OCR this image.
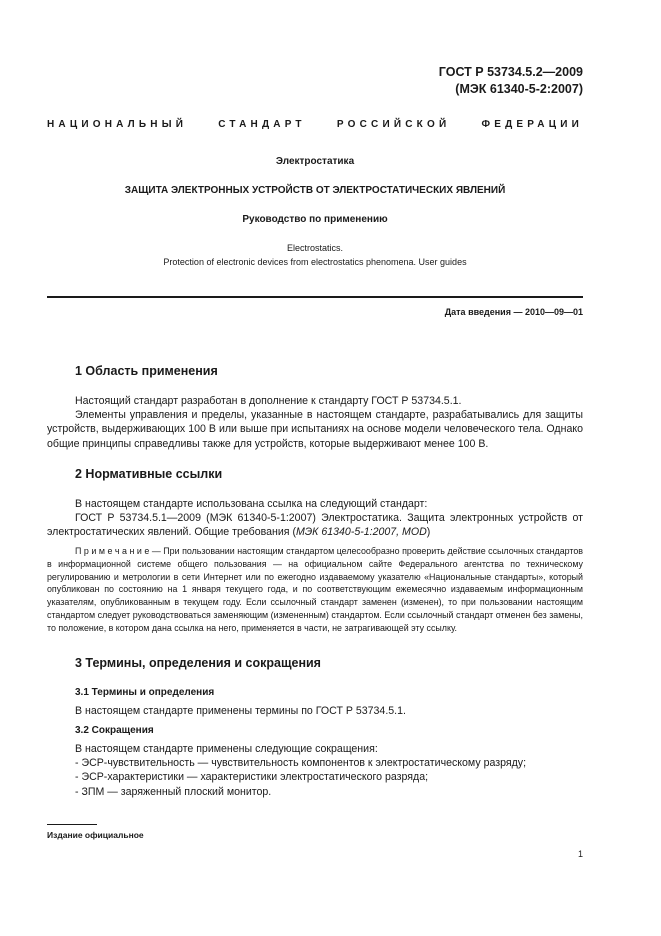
ГОСТ Р 53734.5.2—2009
(МЭК 61340-5-2:2007)
НАЦИОНАЛЬНЫЙ	СТАНДАРТ	РОССИЙСКОЙ	ФЕДЕРАЦИИ
Электростатика
ЗАЩИТА ЭЛЕКТРОННЫХ УСТРОЙСТВ ОТ ЭЛЕКТРОСТАТИЧЕСКИХ ЯВЛЕНИЙ
Руководство по применению
Electrostatics.
Protection of electronic devices from electrostatics phenomena. User guides
Дата введения — 2010—09—01
1 Область применения
Настоящий стандарт разработан в дополнение к стандарту ГОСТ Р 53734.5.1.
Элементы управления и пределы, указанные в настоящем стандарте, разрабатывались для защиты устройств, выдерживающих 100 В или выше при испытаниях на основе модели человеческого тела. Однако общие принципы справедливы также для устройств, которые выдерживают менее 100 В.
2 Нормативные ссылки
В настоящем стандарте использована ссылка на следующий стандарт:
ГОСТ Р 53734.5.1—2009 (МЭК 61340-5-1:2007) Электростатика. Защита электронных устройств от электростатических явлений. Общие требования (МЭК 61340-5-1:2007, MOD)
П р и м е ч а н и е — При пользовании настоящим стандартом целесообразно проверить действие ссылочных стандартов в информационной системе общего пользования — на официальном сайте Федерального агентства по техническому регулированию и метрологии в сети Интернет или по ежегодно издаваемому указателю «Национальные стандарты», который опубликован по состоянию на 1 января текущего года, и по соответствующим ежемесячно издаваемым информационным указателям, опубликованным в текущем году. Если ссылочный стандарт заменен (изменен), то при пользовании настоящим стандартом следует руководствоваться заменяющим (измененным) стандартом. Если ссылочный стандарт отменен без замены, то положение, в котором дана ссылка на него, применяется в части, не затрагивающей эту ссылку.
3 Термины, определения и сокращения
3.1 Термины и определения
В настоящем стандарте применены термины по ГОСТ Р 53734.5.1.
3.2 Сокращения
В настоящем стандарте применены следующие сокращения:
- ЭСР-чувствительность — чувствительность компонентов к электростатическому разряду;
- ЭСР-характеристики — характеристики электростатического разряда;
- ЗПМ — заряженный плоский монитор.
Издание официальное
1
